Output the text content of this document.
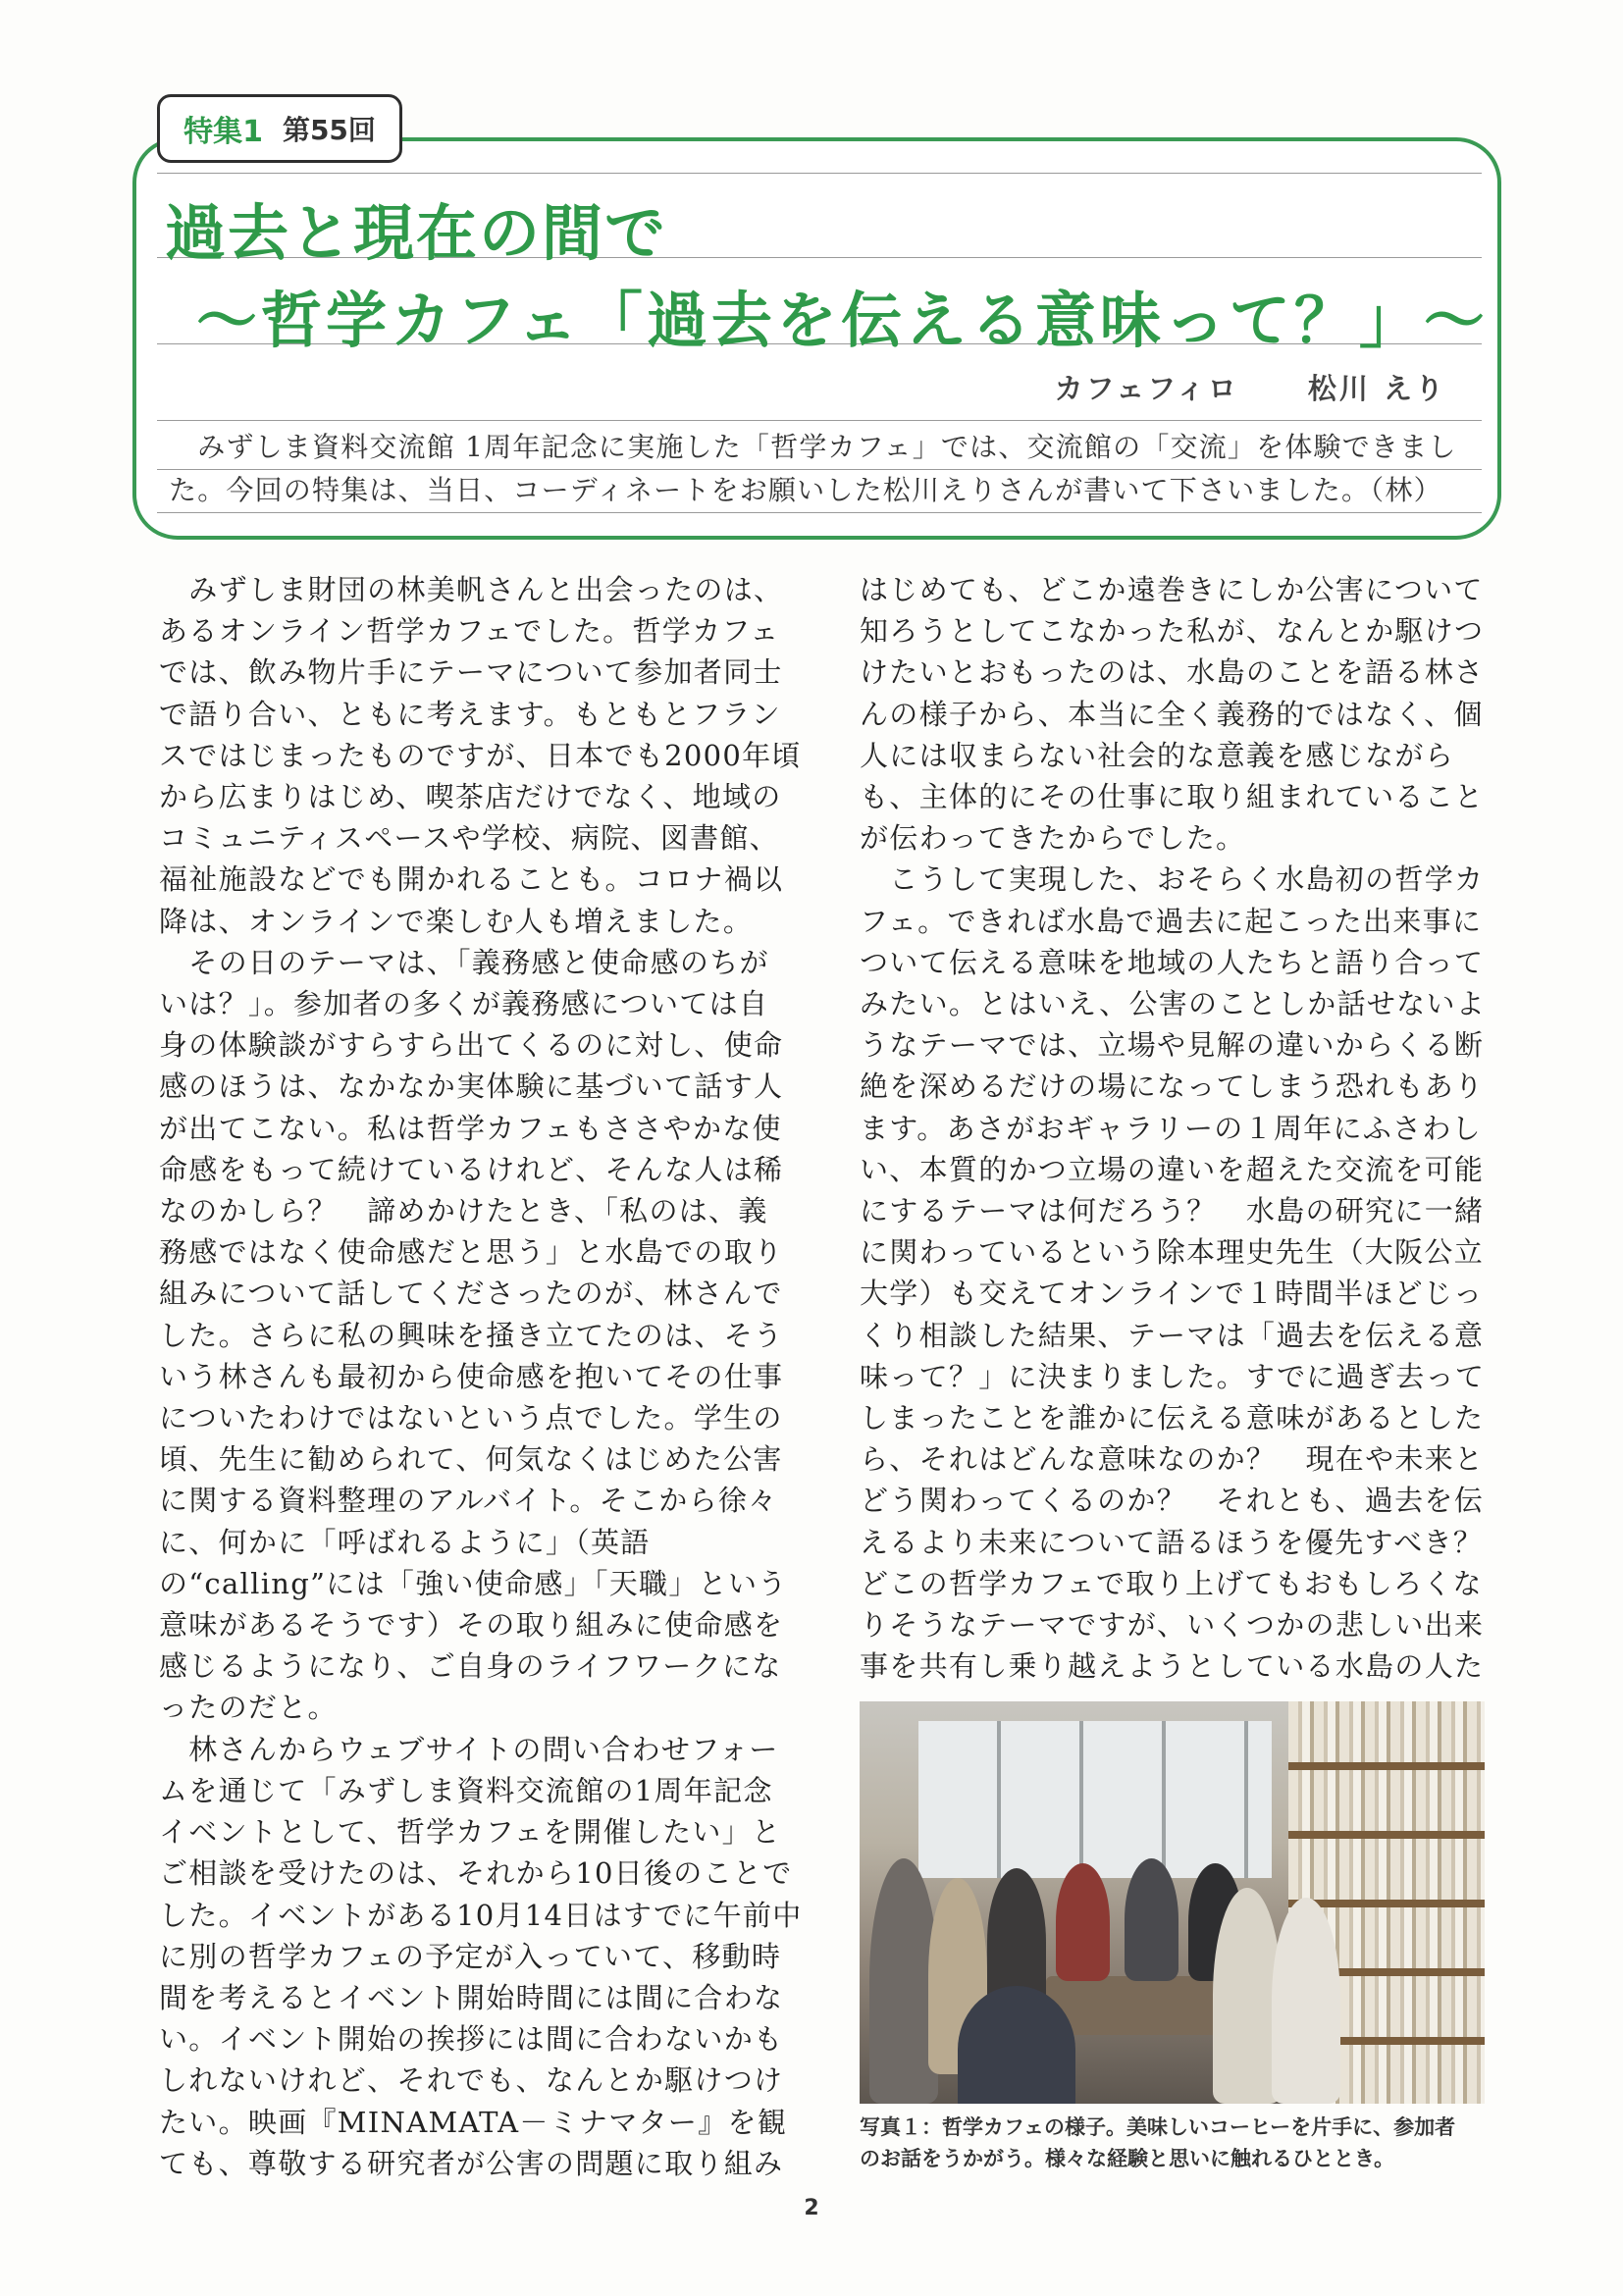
特集1 第55回
過去と現在の間で
～哲学カフェ「過去を伝える意味って？」～
カフェフィロ 松川 えり

　みずしま資料交流館 1周年記念に実施した「哲学カフェ」では、交流館の「交流」を体験できまし

た。今回の特集は、当日、コーディネートをお願いした松川えりさんが書いて下さいました。（林）

　みずしま財団の林美帆さんと出会ったのは、

あるオンライン哲学カフェでした。哲学カフェ

では、飲み物片手にテーマについて参加者同士

で語り合い、ともに考えます。もともとフラン

スではじまったものですが、日本でも2000年頃

から広まりはじめ、喫茶店だけでなく、地域の

コミュニティスペースや学校、病院、図書館、

福祉施設などでも開かれることも。コロナ禍以

降は、オンラインで楽しむ人も増えました。

　その日のテーマは、「義務感と使命感のちが

いは？」。参加者の多くが義務感については自

身の体験談がすらすら出てくるのに対し、使命

感のほうは、なかなか実体験に基づいて話す人

が出てこない。私は哲学カフェもささやかな使

命感をもって続けているけれど、そんな人は稀

なのかしら？　諦めかけたとき、「私のは、義

務感ではなく使命感だと思う」と水島での取り

組みについて話してくださったのが、林さんで

した。さらに私の興味を掻き立てたのは、そう

いう林さんも最初から使命感を抱いてその仕事

についたわけではないという点でした。学生の

頃、先生に勧められて、何気なくはじめた公害

に関する資料整理のアルバイト。そこから徐々

に、何かに「呼ばれるように」（英語

の“calling”には「強い使命感」「天職」という

意味があるそうです）その取り組みに使命感を

感じるようになり、ご自身のライフワークにな

ったのだと。

　林さんからウェブサイトの問い合わせフォー

ムを通じて「みずしま資料交流館の1周年記念

イベントとして、哲学カフェを開催したい」と

ご相談を受けたのは、それから10日後のことで

した。イベントがある10月14日はすでに午前中

に別の哲学カフェの予定が入っていて、移動時

間を考えるとイベント開始時間には間に合わな

い。イベント開始の挨拶には間に合わないかも

しれないけれど、それでも、なんとか駆けつけ

たい。映画『MINAMATA－ミナマター』を観

ても、尊敬する研究者が公害の問題に取り組み

はじめても、どこか遠巻きにしか公害について

知ろうとしてこなかった私が、なんとか駆けつ

けたいとおもったのは、水島のことを語る林さ

んの様子から、本当に全く義務的ではなく、個

人には収まらない社会的な意義を感じながら

も、主体的にその仕事に取り組まれていること

が伝わってきたからでした。

　こうして実現した、おそらく水島初の哲学カ

フェ。できれば水島で過去に起こった出来事に

ついて伝える意味を地域の人たちと語り合って

みたい。とはいえ、公害のことしか話せないよ

うなテーマでは、立場や見解の違いからくる断

絶を深めるだけの場になってしまう恐れもあり

ます。あさがおギャラリーの１周年にふさわし

い、本質的かつ立場の違いを超えた交流を可能

にするテーマは何だろう？　水島の研究に一緒

に関わっているという除本理史先生（大阪公立

大学）も交えてオンラインで１時間半ほどじっ

くり相談した結果、テーマは「過去を伝える意

味って？」に決まりました。すでに過ぎ去って

しまったことを誰かに伝える意味があるとした

ら、それはどんな意味なのか？　現在や未来と

どう関わってくるのか？　それとも、過去を伝

えるより未来について語るほうを優先すべき？

どこの哲学カフェで取り上げてもおもしろくな

りそうなテーマですが、いくつかの悲しい出来

事を共有し乗り越えようとしている水島の人た

写真１：哲学カフェの様子。美味しいコーヒーを片手に、参加者

のお話をうかがう。様々な経験と思いに触れるひととき。

2
